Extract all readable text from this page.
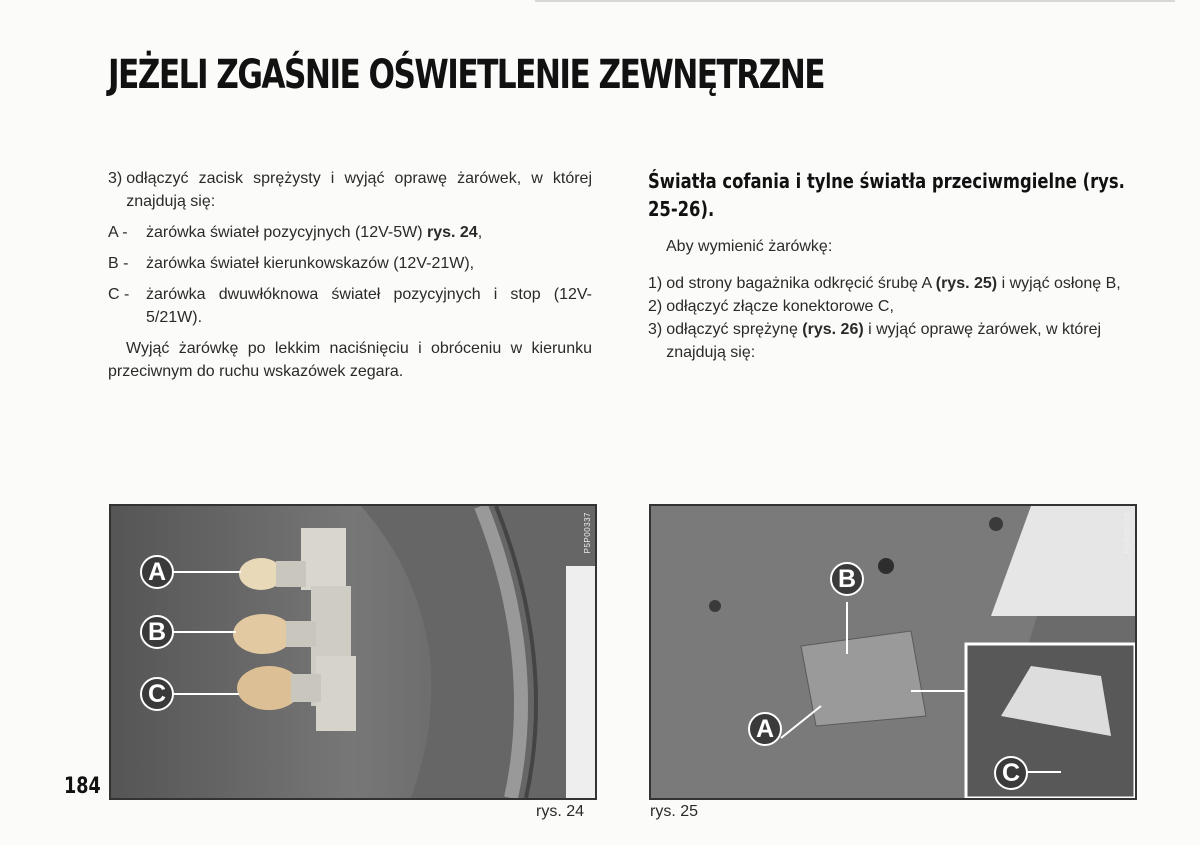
JEŻELI ZGAŚNIE OŚWIETLENIE ZEWNĘTRZNE
3) odłączyć zacisk sprężysty i wyjąć oprawę żarówek, w której znajdują się:
A -	żarówka świateł pozycyjnych (12V-5W) rys. 24,
B -	żarówka świateł kierunkowskazów (12V-21W),
C -	żarówka dwuwłóknowa świateł pozycyjnych i stop (12V-5/21W).
Wyjąć żarówkę po lekkim naciśnięciu i obróceniu w kierunku przeciwnym do ruchu wskazówek zegara.
Światła cofania i tylne światła przeciwmgielne (rys. 25-26).
Aby wymienić żarówkę:
1) od strony bagażnika odkręcić śrubę A (rys. 25) i wyjąć osłonę B,
2) odłączyć złącze konektorowe C,
3) odłączyć sprężynę (rys. 26) i wyjąć oprawę żarówek, w której znajdują się:
P5P00337
A
B
C
P5P00348
B
A
C
rys. 24	rys. 25
184
